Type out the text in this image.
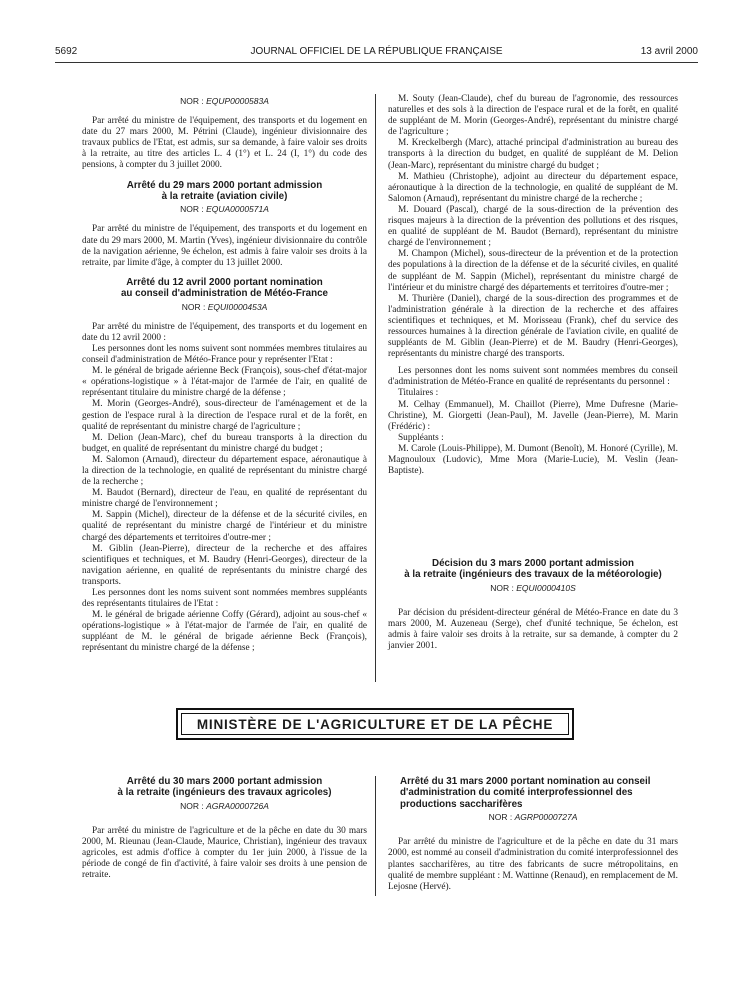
5692	JOURNAL OFFICIEL DE LA RÉPUBLIQUE FRANÇAISE	13 avril 2000
NOR : EQUP0000583A

Par arrêté du ministre de l'équipement, des transports et du logement en date du 27 mars 2000, M. Pétrini (Claude), ingénieur divisionnaire des travaux publics de l'Etat, est admis, sur sa demande, à faire valoir ses droits à la retraite, au titre des articles L. 4 (1°) et L. 24 (I, 1°) du code des pensions, à compter du 3 juillet 2000.

Arrêté du 29 mars 2000 portant admission
à la retraite (aviation civile)
NOR : EQUA0000571A

Par arrêté du ministre de l'équipement, des transports et du logement en date du 29 mars 2000, M. Martin (Yves), ingénieur divisionnaire du contrôle de la navigation aérienne, 9e échelon, est admis à faire valoir ses droits à la retraite, par limite d'âge, à compter du 13 juillet 2000.

Arrêté du 12 avril 2000 portant nomination
au conseil d'administration de Météo-France
NOR : EQUI0000453A

Par arrêté du ministre de l'équipement, des transports et du logement en date du 12 avril 2000 :

Les personnes dont les noms suivent sont nommées membres titulaires au conseil d'administration de Météo-France pour y représenter l'Etat :

M. le général de brigade aérienne Beck (François), sous-chef d'état-major « opérations-logistique » à l'état-major de l'armée de l'air, en qualité de représentant titulaire du ministre chargé de la défense ;

M. Morin (Georges-André), sous-directeur de l'aménagement et de la gestion de l'espace rural à la direction de l'espace rural et de la forêt, en qualité de représentant du ministre chargé de l'agriculture ;

M. Delion (Jean-Marc), chef du bureau transports à la direction du budget, en qualité de représentant du ministre chargé du budget ;

M. Salomon (Arnaud), directeur du département espace, aéronautique à la direction de la technologie, en qualité de représentant du ministre chargé de la recherche ;

M. Baudot (Bernard), directeur de l'eau, en qualité de représentant du ministre chargé de l'environnement ;

M. Sappin (Michel), directeur de la défense et de la sécurité civiles, en qualité de représentant du ministre chargé de l'intérieur et du ministre chargé des départements et territoires d'outre-mer ;

M. Giblin (Jean-Pierre), directeur de la recherche et des affaires scientifiques et techniques, et M. Baudry (Henri-Georges), directeur de la navigation aérienne, en qualité de représentants du ministre chargé des transports.

Les personnes dont les noms suivent sont nommées membres suppléants des représentants titulaires de l'Etat :

M. le général de brigade aérienne Coffy (Gérard), adjoint au sous-chef « opérations-logistique » à l'état-major de l'armée de l'air, en qualité de suppléant de M. le général de brigade aérienne Beck (François), représentant du ministre chargé de la défense ;

M. Souty (Jean-Claude), chef du bureau de l'agronomie, des ressources naturelles et des sols à la direction de l'espace rural et de la forêt, en qualité de suppléant de M. Morin (Georges-André), représentant du ministre chargé de l'agriculture ;

M. Kreckelbergh (Marc), attaché principal d'administration au bureau des transports à la direction du budget, en qualité de suppléant de M. Delion (Jean-Marc), représentant du ministre chargé du budget ;

M. Mathieu (Christophe), adjoint au directeur du département espace, aéronautique à la direction de la technologie, en qualité de suppléant de M. Salomon (Arnaud), représentant du ministre chargé de la recherche ;

M. Douard (Pascal), chargé de la sous-direction de la prévention des risques majeurs à la direction de la prévention des pollutions et des risques, en qualité de suppléant de M. Baudot (Bernard), représentant du ministre chargé de l'environnement ;

M. Champon (Michel), sous-directeur de la prévention et de la protection des populations à la direction de la défense et de la sécurité civiles, en qualité de suppléant de M. Sappin (Michel), représentant du ministre chargé de l'intérieur et du ministre chargé des départements et territoires d'outre-mer ;

M. Thurière (Daniel), chargé de la sous-direction des programmes et de l'administration générale à la direction de la recherche et des affaires scientifiques et techniques, et M. Morisseau (Frank), chef du service des ressources humaines à la direction générale de l'aviation civile, en qualité de suppléants de M. Giblin (Jean-Pierre) et de M. Baudry (Henri-Georges), représentants du ministre chargé des transports.

Les personnes dont les noms suivent sont nommées membres du conseil d'administration de Météo-France en qualité de représentants du personnel :

Titulaires :

M. Celhay (Emmanuel), M. Chaillot (Pierre), Mme Dufresne (Marie-Christine), M. Giorgetti (Jean-Paul), M. Javelle (Jean-Pierre), M. Marin (Frédéric) :

Suppléants :

M. Carole (Louis-Philippe), M. Dumont (Benoît), M. Honoré (Cyrille), M. Magnouloux (Ludovic), Mme Mora (Marie-Lucie), M. Veslin (Jean-Baptiste).

Décision du 3 mars 2000 portant admission
à la retraite (ingénieurs des travaux de la météorologie)
NOR : EQUI0000410S

Par décision du président-directeur général de Météo-France en date du 3 mars 2000, M. Auzeneau (Serge), chef d'unité technique, 5e échelon, est admis à faire valoir ses droits à la retraite, sur sa demande, à compter du 2 janvier 2001.

MINISTÈRE DE L'AGRICULTURE ET DE LA PÊCHE
Arrêté du 30 mars 2000 portant admission
à la retraite (ingénieurs des travaux agricoles)
NOR : AGRA0000726A

Par arrêté du ministre de l'agriculture et de la pêche en date du 30 mars 2000, M. Rieunau (Jean-Claude, Maurice, Christian), ingénieur des travaux agricoles, est admis d'office à compter du 1er juin 2000, à l'issue de la période de congé de fin d'activité, à faire valoir ses droits à une pension de retraite.

Arrêté du 31 mars 2000 portant nomination au conseil
d'administration du comité interprofessionnel des
productions saccharifères
NOR : AGRP0000727A

Par arrêté du ministre de l'agriculture et de la pêche en date du 31 mars 2000, est nommé au conseil d'administration du comité interprofessionnel des plantes saccharifères, au titre des fabricants de sucre métropolitains, en qualité de membre suppléant : M. Wattinne (Renaud), en remplacement de M. Lejosne (Hervé).
